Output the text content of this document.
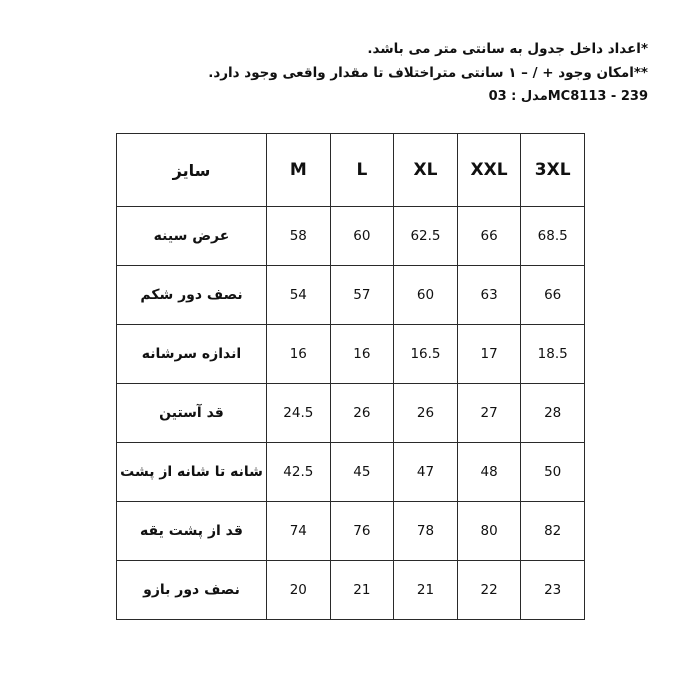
*اعداد داخل جدول به سانتی متر می باشد.
**امکان وجود + / – ۱ سانتی متراختلاف تا مقدار واقعی وجود دارد.
مدل : 03MC8113 - 239
3XL	XXL	XL	L	M	سایز
68.5	66	62.5	60	58	عرض سینه
66	63	60	57	54	نصف دور شکم
18.5	17	16.5	16	16	اندازه سرشانه
28	27	26	26	24.5	قد آستین
50	48	47	45	42.5	شانه تا شانه از پشت
82	80	78	76	74	قد از پشت یقه
23	22	21	21	20	نصف دور بازو
